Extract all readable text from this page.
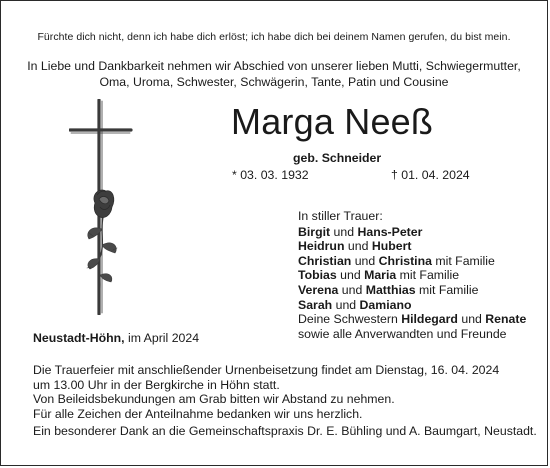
Fürchte dich nicht, denn ich habe dich erlöst; ich habe dich bei deinem Namen gerufen, du bist mein.
In Liebe und Dankbarkeit nehmen wir Abschied von unserer lieben Mutti, Schwiegermutter,
Oma, Uroma, Schwester, Schwägerin, Tante, Patin und Cousine
Marga Neeß
geb. Schneider
* 03. 03. 1932	† 01. 04. 2024
In stiller Trauer:
Birgit und Hans-Peter
Heidrun und Hubert
Christian und Christina mit Familie
Tobias und Maria mit Familie
Verena und Matthias mit Familie
Sarah und Damiano
Deine Schwestern Hildegard und Renate
sowie alle Anverwandten und Freunde
Neustadt-Höhn, im April 2024
Die Trauerfeier mit anschließender Urnenbeisetzung findet am Dienstag, 16. 04. 2024
um 13.00 Uhr in der Bergkirche in Höhn statt.
Von Beileidsbekundungen am Grab bitten wir Abstand zu nehmen.
Für alle Zeichen der Anteilnahme bedanken wir uns herzlich.
Ein besonderer Dank an die Gemeinschaftspraxis Dr. E. Bühling und A. Baumgart, Neustadt.
